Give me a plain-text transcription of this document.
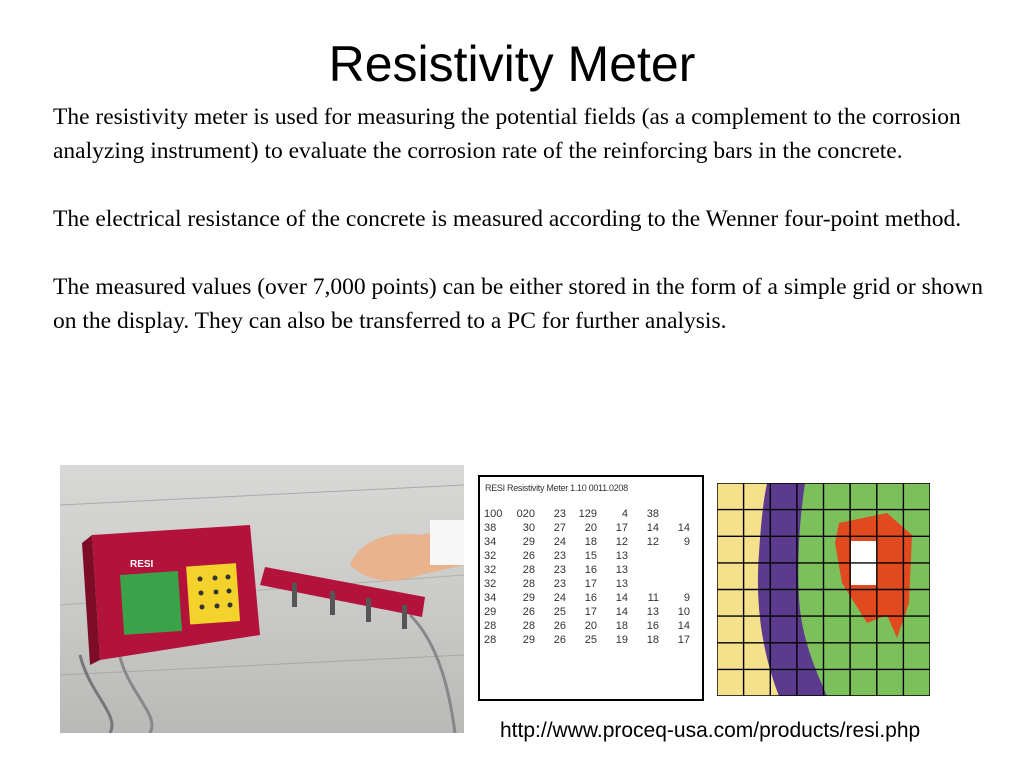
Resistivity Meter

The resistivity meter is used for measuring the potential fields (as a complement to the corrosion analyzing instrument) to evaluate the corrosion rate of the reinforcing bars in the concrete.

The electrical resistance of the concrete is measured according to the Wenner four-point method.

The measured values (over 7,000 points) can be either stored in the form of a simple grid or shown on the display. They can also be transferred to a PC for further analysis.

RESI
RESI Resistivity Meter 1.10 0011.0208
100	020	23	129	4	38	
38	30	27	20	17	14	14
34	29	24	18	12	12	9
32	26	23	15	13		
32	28	23	16	13		
32	28	23	17	13		
34	29	24	16	14	11	9
29	26	25	17	14	13	10
28	28	26	20	18	16	14
28	29	26	25	19	18	17
http://www.proceq-usa.com/products/resi.php
